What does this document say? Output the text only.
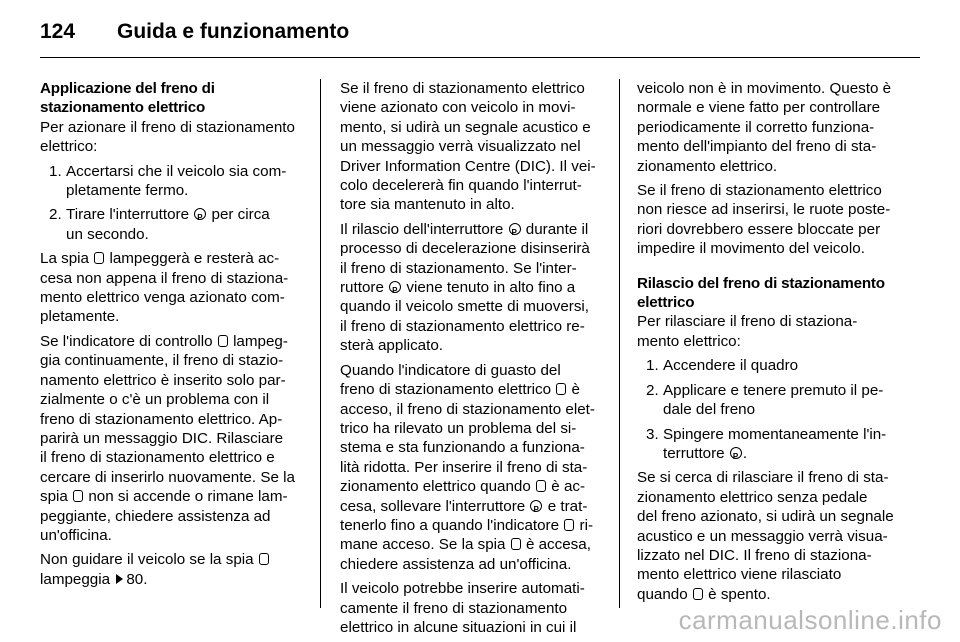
124 Guida e funzionamento
Applicazione del freno di
stazionamento elettrico
Per azionare il freno di stazionamento
elettrico:
1. Accertarsi che il veicolo sia com-
pletamente fermo.
2. Tirare l'interruttore P per circa
un secondo.
La spia lampeggerà e resterà ac-
cesa non appena il freno di staziona-
mento elettrico venga azionato com-
pletamente.
Se l'indicatore di controllo lampeg-
gia continuamente, il freno di stazio-
namento elettrico è inserito solo par-
zialmente o c'è un problema con il
freno di stazionamento elettrico. Ap-
parirà un messaggio DIC. Rilasciare
il freno di stazionamento elettrico e
cercare di inserirlo nuovamente. Se la
spia non si accende o rimane lam-
peggiante, chiedere assistenza ad
un'officina.
Non guidare il veicolo se la spia
lampeggia 80.
Se il freno di stazionamento elettrico
viene azionato con veicolo in movi-
mento, si udirà un segnale acustico e
un messaggio verrà visualizzato nel
Driver Information Centre (DIC). Il vei-
colo decelererà fin quando l'interrut-
tore sia mantenuto in alto.
Il rilascio dell'interruttore P durante il
processo di decelerazione disinserirà
il freno di stazionamento. Se l'inter-
ruttore P viene tenuto in alto fino a
quando il veicolo smette di muoversi,
il freno di stazionamento elettrico re-
sterà applicato.
Quando l'indicatore di guasto del
freno di stazionamento elettrico è
acceso, il freno di stazionamento elet-
trico ha rilevato un problema del si-
stema e sta funzionando a funziona-
lità ridotta. Per inserire il freno di sta-
zionamento elettrico quando è ac-
cesa, sollevare l'interruttore P e trat-
tenerlo fino a quando l'indicatore ri-
mane acceso. Se la spia è accesa,
chiedere assistenza ad un'officina.
Il veicolo potrebbe inserire automati-
camente il freno di stazionamento
elettrico in alcune situazioni in cui il
veicolo non è in movimento. Questo è
normale e viene fatto per controllare
periodicamente il corretto funziona-
mento dell'impianto del freno di sta-
zionamento elettrico.
Se il freno di stazionamento elettrico
non riesce ad inserirsi, le ruote poste-
riori dovrebbero essere bloccate per
impedire il movimento del veicolo.
Rilascio del freno di stazionamento
elettrico
Per rilasciare il freno di staziona-
mento elettrico:
1. Accendere il quadro
2. Applicare e tenere premuto il pe-
dale del freno
3. Spingere momentaneamente l'in-
terruttore P .
Se si cerca di rilasciare il freno di sta-
zionamento elettrico senza pedale
del freno azionato, si udirà un segnale
acustico e un messaggio verrà visua-
lizzato nel DIC. Il freno di staziona-
mento elettrico viene rilasciato
quando è spento.
carmanualsonline.info
